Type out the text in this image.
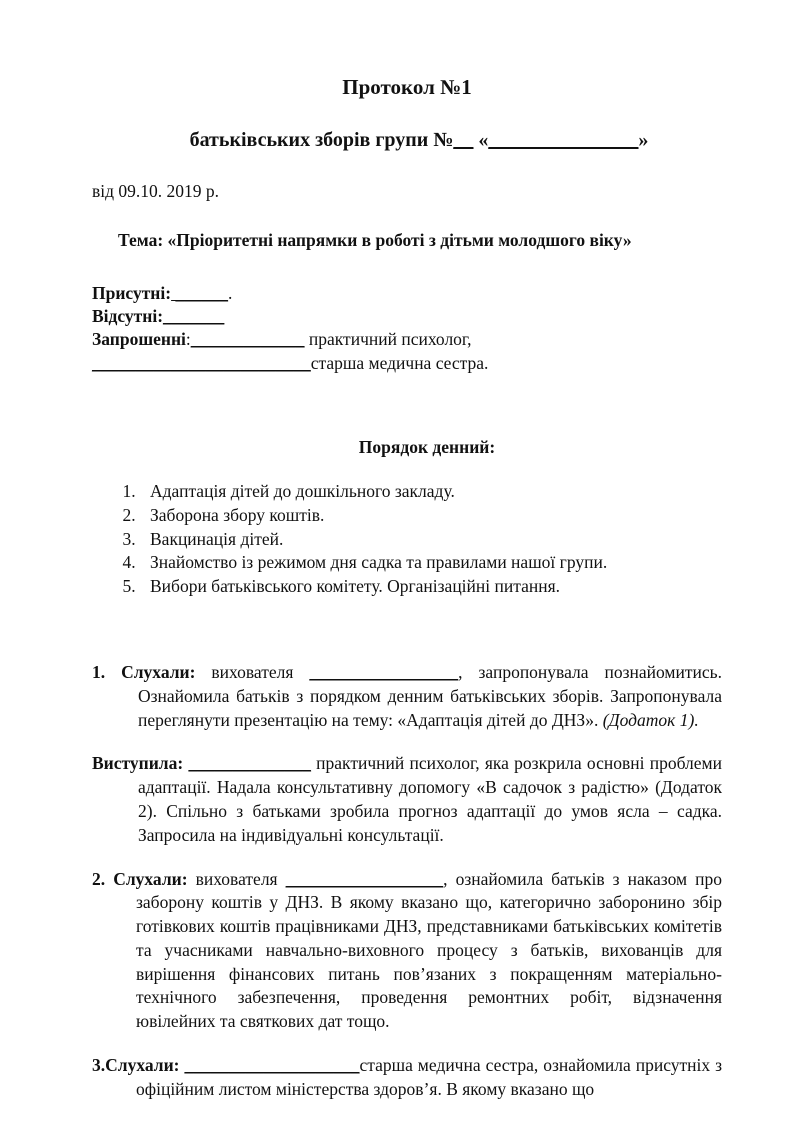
Протокол №1
батьківських зборів групи №__ «_______________»

від 09.10. 2019 р.

Тема: «Пріоритетні напрямки в роботі з дітьми молодшого віку»

Присутні: ______.
Відсутні:_______
Запрошенні:_____________ практичний психолог,
_________________________старша медична сестра.

Порядок денний:

1. Адаптація дітей до дошкільного закладу.
2. Заборона збору коштів.
3. Вакцинація дітей.
4. Знайомство із режимом дня садка та правилами нашої групи.
5. Вибори батьківського комітету. Організаційні питання.

1. Слухали: вихователя _________________, запропонувала познайомитись. Ознайомила батьків з порядком денним батьківських зборів. Запропонувала переглянути презентацію на тему: «Адаптація дітей до ДНЗ». (Додаток 1).

Виступила: ______________ практичний психолог, яка розкрила основні проблеми адаптації. Надала консультативну допомогу «В садочок з радістю» (Додаток 2). Спільно з батьками зробила прогноз адаптації до умов ясла – садка. Запросила на індивідуальні консультації.

2. Слухали: вихователя __________________, ознайомила батьків з наказом про заборону коштів у ДНЗ. В якому вказано що, категорично заборонино збір готівкових коштів працівниками ДНЗ, представниками батьківських комітетів та учасниками навчально-виховного процесу з батьків, вихованців для вирішення фінансових питань пов’язаних з покращенням матеріально-технічного забезпечення, проведення ремонтних робіт, відзначення ювілейних та святкових дат тощо.

3.Слухали: ____________________старша медична сестра, ознайомила присутніх з офіційним листом міністерства здоров’я. В якому вказано що
